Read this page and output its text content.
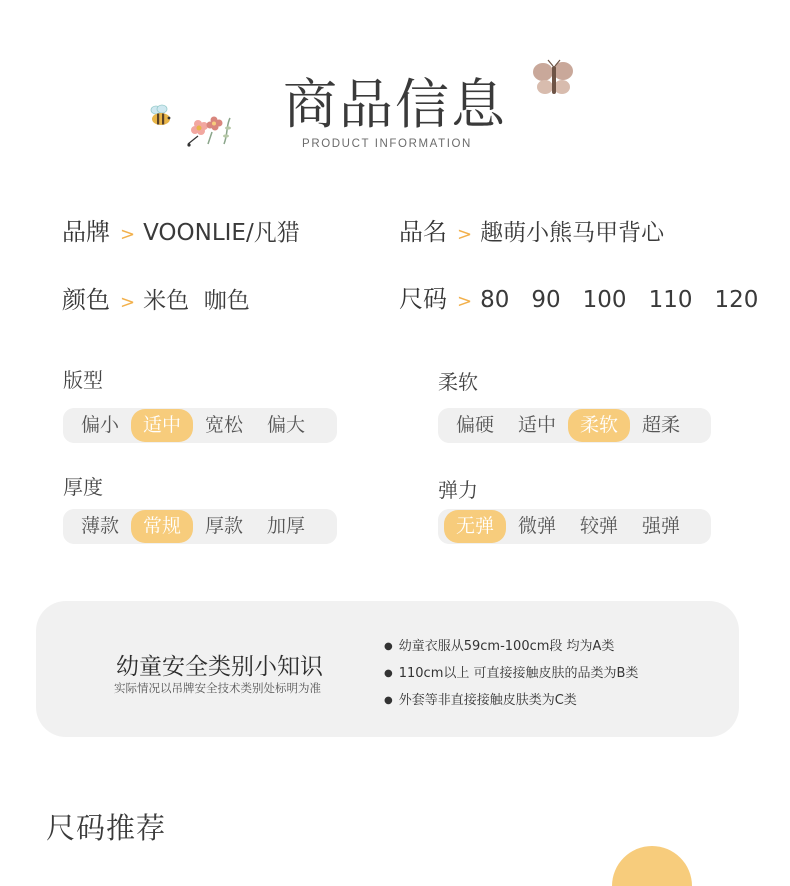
商品信息
PRODUCT INFORMATION
品牌 > VOONLIE/凡猎	品名 > 趣萌小熊马甲背心
颜色 > 米色  咖色	尺码 > 80 90 100 110 120
版型
偏小	适中	宽松	偏大
柔软
偏硬	适中	柔软	超柔
厚度
薄款	常规	厚款	加厚
弹力
无弹	微弹	较弹	强弹
幼童安全类别小知识
实际情况以吊牌安全技术类别处标明为准
● 幼童衣服从59cm-100cm段 均为A类
● 110cm以上 可直接接触皮肤的品类为B类
● 外套等非直接接触皮肤类为C类
尺码推荐
